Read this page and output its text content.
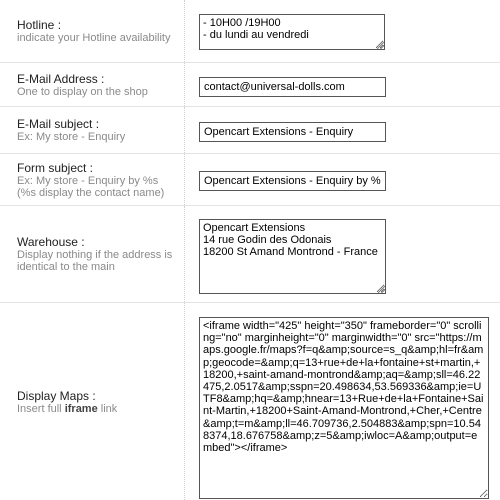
Hotline :
indicate your Hotline availability
- 10H00 /19H00 - du lundi au vendredi
E-Mail Address :
One to display on the shop
contact@universal-dolls.com
E-Mail subject :
Ex: My store - Enquiry
Opencart Extensions - Enquiry
Form subject :
Ex: My store - Enquiry by %s
(%s display the contact name)
Opencart Extensions - Enquiry by %s
Warehouse :
Display nothing if the address is identical to the main
Opencart Extensions 14 rue Godin des Odonais 18200 St Amand Montrond - France
Display Maps :
Insert full iframe link
<iframe width="425" height="350" frameborder="0" scrolling="no" marginheight="0" marginwidth="0" src="https://maps.google.fr/maps?f=q&amp;source=s_q&amp;hl=fr&amp;geocode=&amp;q=13+rue+de+la+fontaine+st+martin,+18200,+saint-amand-montrond&amp;aq=&amp;sll=46.22475,2.0517&amp;sspn=20.498634,53.569336&amp;ie=UTF8&amp;hq=&amp;hnear=13+Rue+de+la+Fontaine+Saint-Martin,+18200+Saint-Amand-Montrond,+Cher,+Centre&amp;t=m&amp;ll=46.709736,2.504883&amp;spn=10.548374,18.676758&amp;z=5&amp;iwloc=A&amp;output=embed"></iframe>
